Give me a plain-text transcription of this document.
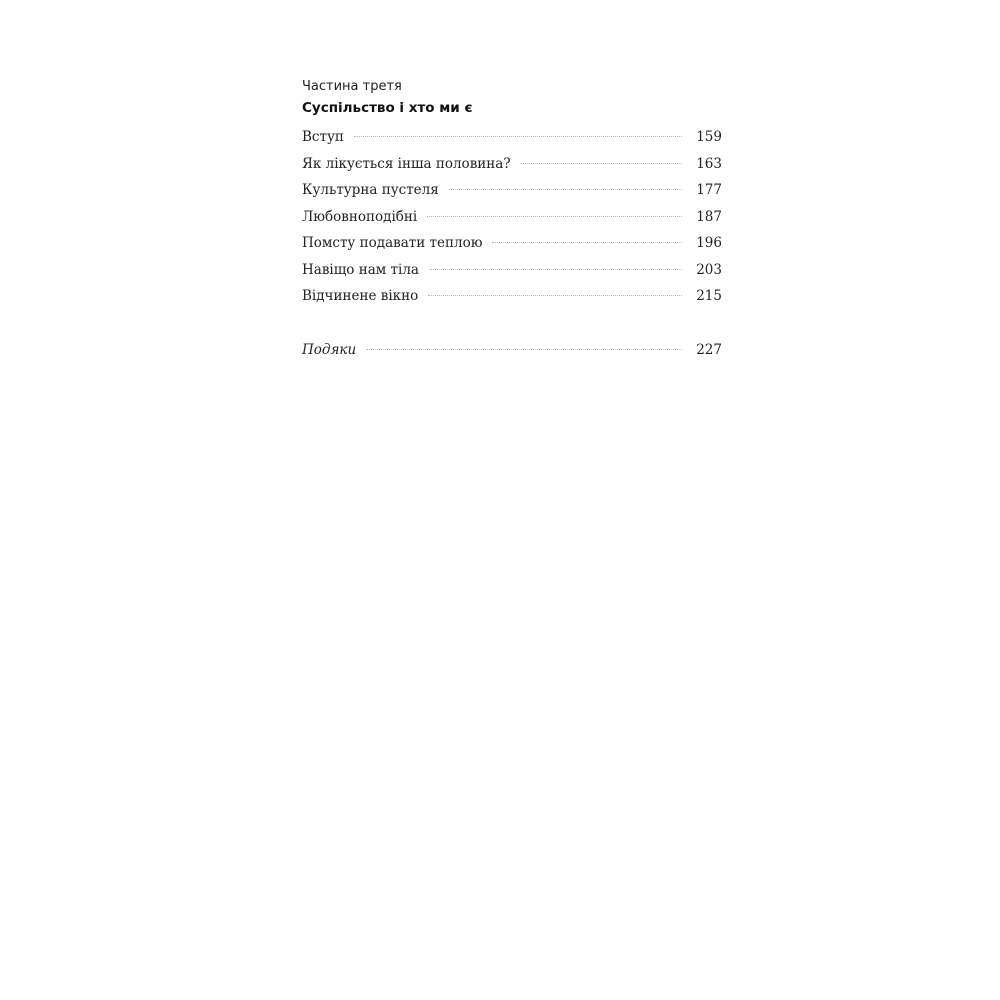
Частина третя

Суспільство і хто ми є

Вступ	159
Як лікується інша половина?	163
Культурна пустеля	177
Любовноподібні	187
Помсту подавати теплою	196
Навіщо нам тіла	203
Відчинене вікно	215
Подяки	227
